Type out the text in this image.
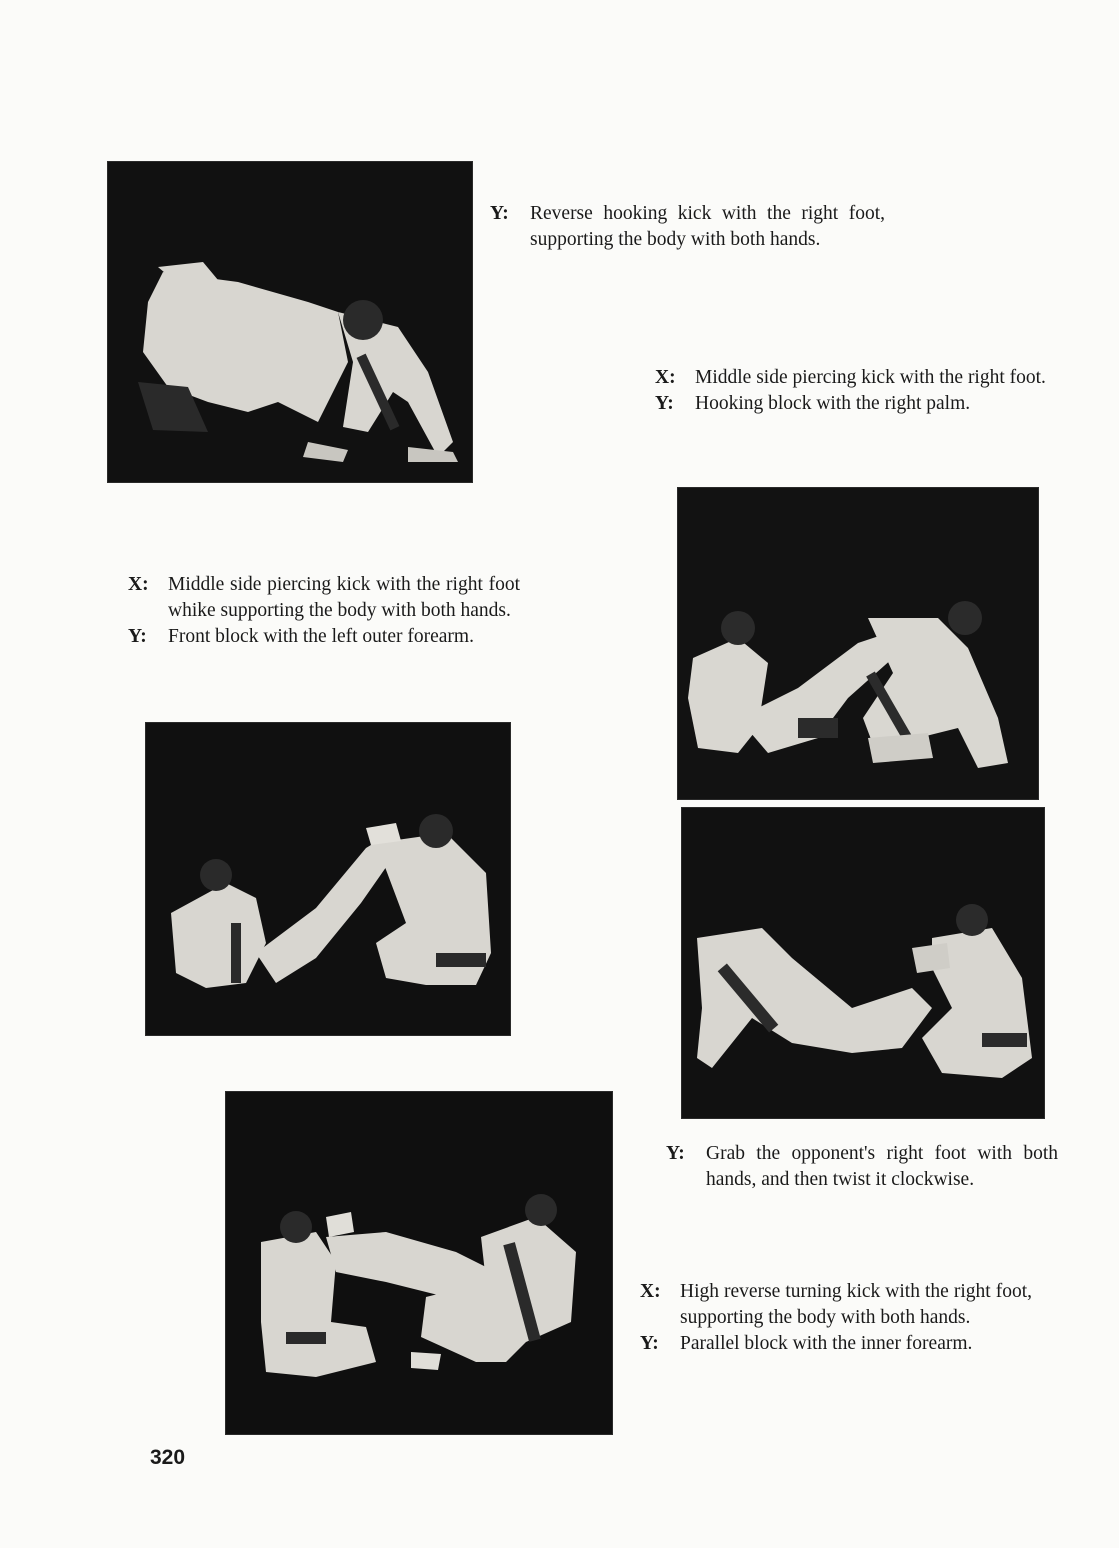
Y:	Reverse hooking kick with the right foot, supporting the body with both hands.
X: Middle side piercing kick with the right foot.
Y:	Hooking block with the right palm.
X: Middle side piercing kick with the right foot whike supporting the body with both hands.
Y:	Front block with the left outer forearm.
Y:	Grab the opponent's right foot with both hands, and then twist it clockwise.
X: High reverse turning kick with the right foot, supporting the body with both hands.
Y:	Parallel block with the inner forearm.
320
